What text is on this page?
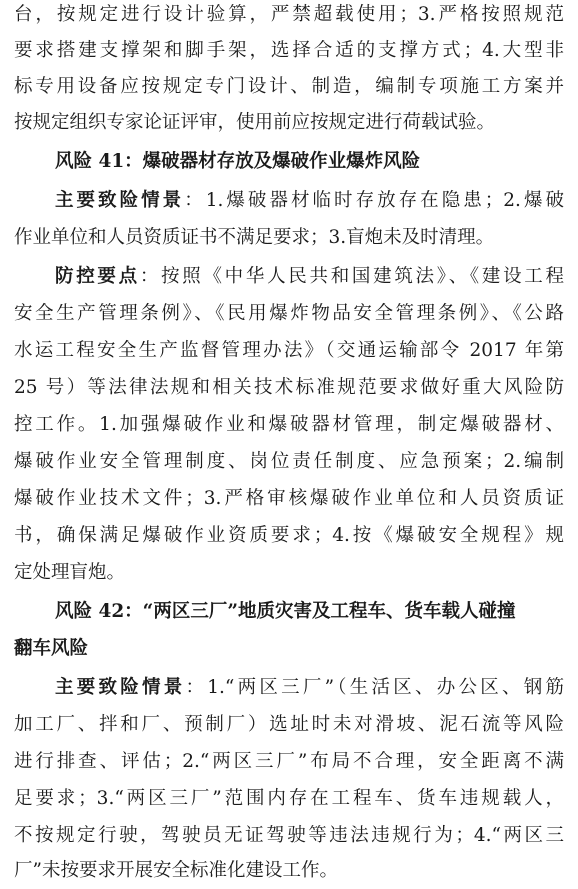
台，按规定进行设计验算，严禁超载使用；3.严格按照规范
要求搭建支撑架和脚手架，选择合适的支撑方式；4.大型非
标专用设备应按规定专门设计、制造，编制专项施工方案并
按规定组织专家论证评审，使用前应按规定进行荷载试验。
风险 41：爆破器材存放及爆破作业爆炸风险
主要致险情景：1.爆破器材临时存放存在隐患；2.爆破
作业单位和人员资质证书不满足要求；3.盲炮未及时清理。
防控要点：按照《中华人民共和国建筑法》、《建设工程
安全生产管理条例》、《民用爆炸物品安全管理条例》、《公路
水运工程安全生产监督管理办法》（交通运输部令 2017 年第
25 号）等法律法规和相关技术标准规范要求做好重大风险防
控工作。1.加强爆破作业和爆破器材管理，制定爆破器材、
爆破作业安全管理制度、岗位责任制度、应急预案；2.编制
爆破作业技术文件；3.严格审核爆破作业单位和人员资质证
书，确保满足爆破作业资质要求；4.按《爆破安全规程》规
定处理盲炮。
风险 42：“两区三厂”地质灾害及工程车、货车载人碰撞
翻车风险
主要致险情景：1.“两区三厂”（生活区、办公区、钢筋
加工厂、拌和厂、预制厂）选址时未对滑坡、泥石流等风险
进行排查、评估；2.“两区三厂”布局不合理，安全距离不满
足要求；3.“两区三厂”范围内存在工程车、货车违规载人，
不按规定行驶，驾驶员无证驾驶等违法违规行为；4.“两区三
厂”未按要求开展安全标准化建设工作。
